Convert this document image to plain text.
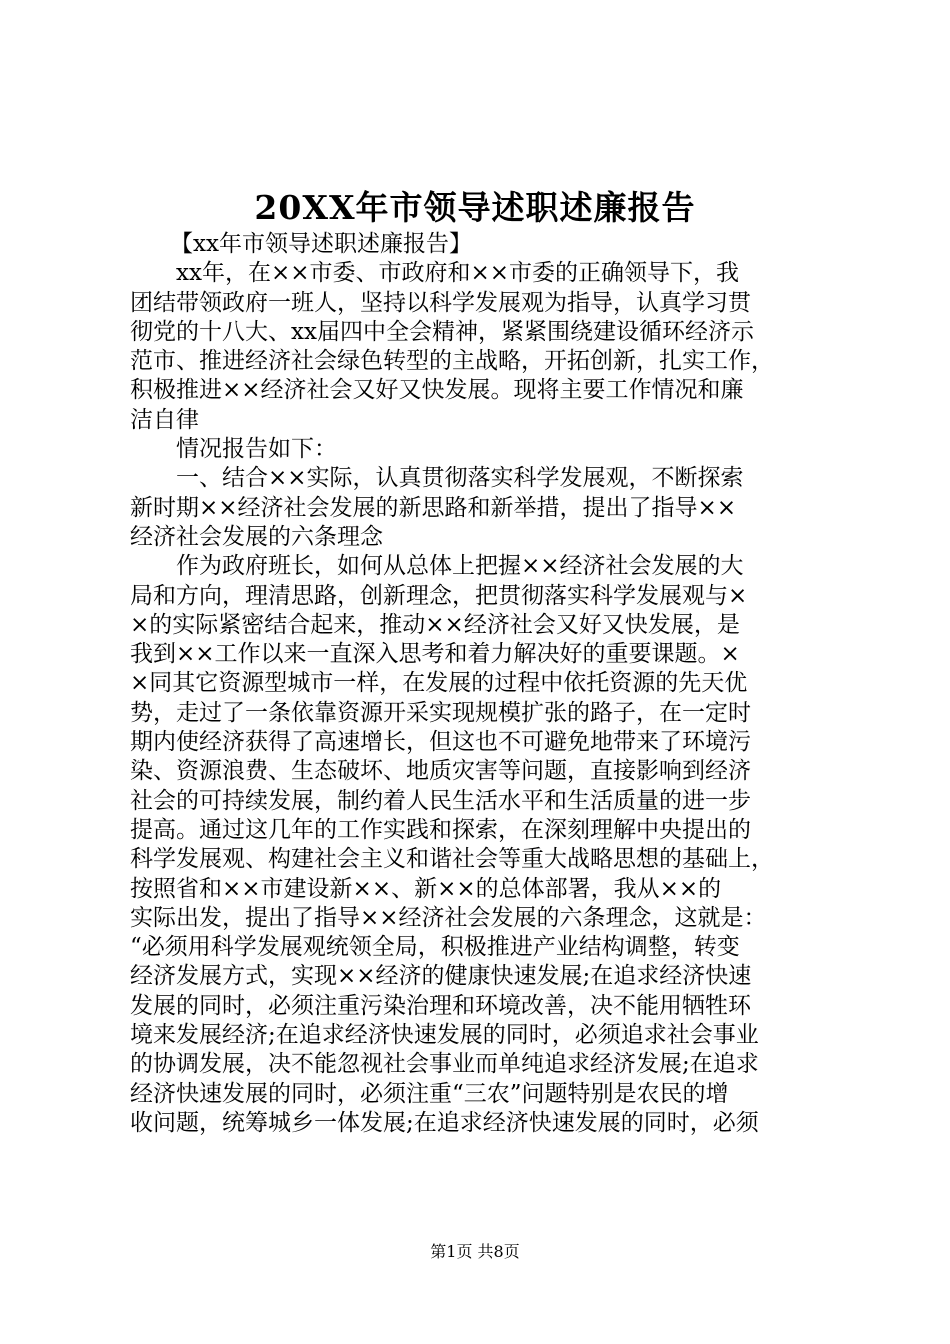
20XX年市领导述职述廉报告
【xx年市领导述职述廉报告】
xx年，在××市委、市政府和××市委的正确领导下，我
团结带领政府一班人，坚持以科学发展观为指导，认真学习贯
彻党的十八大、xx届四中全会精神，紧紧围绕建设循环经济示
范市、推进经济社会绿色转型的主战略，开拓创新，扎实工作，
积极推进××经济社会又好又快发展。现将主要工作情况和廉
洁自律
情况报告如下：
一、结合××实际，认真贯彻落实科学发展观，不断探索
新时期××经济社会发展的新思路和新举措，提出了指导××
经济社会发展的六条理念
作为政府班长，如何从总体上把握××经济社会发展的大
局和方向，理清思路，创新理念，把贯彻落实科学发展观与×
×的实际紧密结合起来，推动××经济社会又好又快发展，是
我到××工作以来一直深入思考和着力解决好的重要课题。×
×同其它资源型城市一样，在发展的过程中依托资源的先天优
势，走过了一条依靠资源开采实现规模扩张的路子，在一定时
期内使经济获得了高速增长，但这也不可避免地带来了环境污
染、资源浪费、生态破坏、地质灾害等问题，直接影响到经济
社会的可持续发展，制约着人民生活水平和生活质量的进一步
提高。通过这几年的工作实践和探索，在深刻理解中央提出的
科学发展观、构建社会主义和谐社会等重大战略思想的基础上，
按照省和××市建设新××、新××的总体部署，我从××的
实际出发，提出了指导××经济社会发展的六条理念，这就是：
“必须用科学发展观统领全局，积极推进产业结构调整，转变
经济发展方式，实现××经济的健康快速发展;在追求经济快速
发展的同时，必须注重污染治理和环境改善，决不能用牺牲环
境来发展经济;在追求经济快速发展的同时，必须追求社会事业
的协调发展，决不能忽视社会事业而单纯追求经济发展;在追求
经济快速发展的同时，必须注重“三农”问题特别是农民的增
收问题，统筹城乡一体发展;在追求经济快速发展的同时，必须
第1页 共8页
